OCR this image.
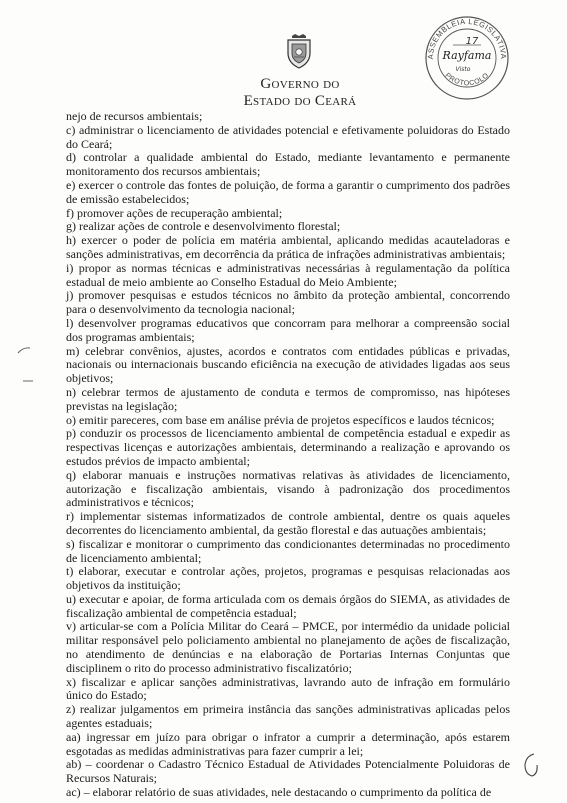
Governo do
Estado do Ceará
ASSEMBLEIA LEGISLATIVA
PROTOCOLO
17
Rayfama
Visto

nejo de recursos ambientais;

c) administrar o licenciamento de atividades potencial e efetivamente poluidoras do Estado do Ceará;

d) controlar a qualidade ambiental do Estado, mediante levantamento e permanente monitoramento dos recursos ambientais;

e) exercer o controle das fontes de poluição, de forma a garantir o cumprimento dos padrões de emissão estabelecidos;

f) promover ações de recuperação ambiental;

g) realizar ações de controle e desenvolvimento florestal;

h) exercer o poder de polícia em matéria ambiental, aplicando medidas acauteladoras e sanções administrativas, em decorrência da prática de infrações administrativas ambientais;

i) propor as normas técnicas e administrativas necessárias à regulamentação da política estadual de meio ambiente ao Conselho Estadual do Meio Ambiente;

j) promover pesquisas e estudos técnicos no âmbito da proteção ambiental, concorrendo para o desenvolvimento da tecnologia nacional;

l) desenvolver programas educativos que concorram para melhorar a compreensão social dos programas ambientais;

m) celebrar convênios, ajustes, acordos e contratos com entidades públicas e privadas, nacionais ou internacionais buscando eficiência na execução de atividades ligadas aos seus objetivos;

n) celebrar termos de ajustamento de conduta e termos de compromisso, nas hipóteses previstas na legislação;

o) emitir pareceres, com base em análise prévia de projetos específicos e laudos técnicos;

p) conduzir os processos de licenciamento ambiental de competência estadual e expedir as respectivas licenças e autorizações ambientais, determinando a realização e aprovando os estudos prévios de impacto ambiental;

q) elaborar manuais e instruções normativas relativas às atividades de licenciamento, autorização e fiscalização ambientais, visando à padronização dos procedimentos administrativos e técnicos;

r) implementar sistemas informatizados de controle ambiental, dentre os quais aqueles decorrentes do licenciamento ambiental, da gestão florestal e das autuações ambientais;

s) fiscalizar e monitorar o cumprimento das condicionantes determinadas no procedimento de licenciamento ambiental;

t) elaborar, executar e controlar ações, projetos, programas e pesquisas relacionadas aos objetivos da instituição;

u) executar e apoiar, de forma articulada com os demais órgãos do SIEMA, as atividades de fiscalização ambiental de competência estadual;

v) articular-se com a Polícia Militar do Ceará – PMCE, por intermédio da unidade policial militar responsável pelo policiamento ambiental no planejamento de ações de fiscalização, no atendimento de denúncias e na elaboração de Portarias Internas Conjuntas que disciplinem o rito do processo administrativo fiscalizatório;

x) fiscalizar e aplicar sanções administrativas, lavrando auto de infração em formulário único do Estado;

z) realizar julgamentos em primeira instância das sanções administrativas aplicadas pelos agentes estaduais;

aa) ingressar em juízo para obrigar o infrator a cumprir a determinação, após estarem esgotadas as medidas administrativas para fazer cumprir a lei;

ab) – coordenar o Cadastro Técnico Estadual de Atividades Potencialmente Poluidoras de Recursos Naturais;

ac) – elaborar relatório de suas atividades, nele destacando o cumprimento da política de
